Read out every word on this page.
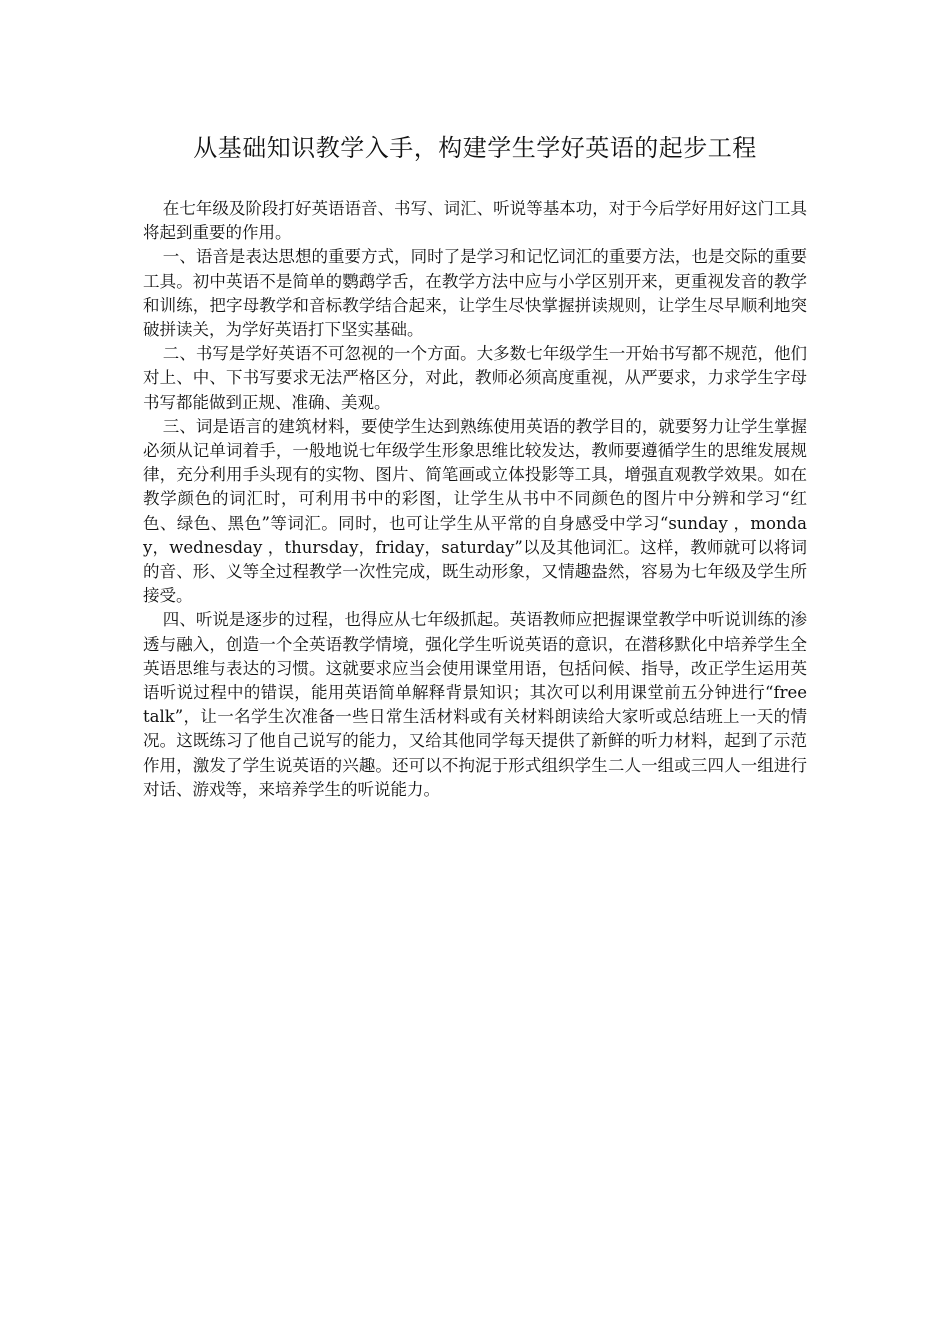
从基础知识教学入手，构建学生学好英语的起步工程

在七年级及阶段打好英语语音、书写、词汇、听说等基本功，对于今后学好用好这门工具将起到重要的作用。

一、语音是表达思想的重要方式，同时了是学习和记忆词汇的重要方法，也是交际的重要工具。初中英语不是简单的鹦鹉学舌，在教学方法中应与小学区别开来，更重视发音的教学和训练，把字母教学和音标教学结合起来，让学生尽快掌握拼读规则，让学生尽早顺利地突破拼读关，为学好英语打下坚实基础。

二、书写是学好英语不可忽视的一个方面。大多数七年级学生一开始书写都不规范，他们对上、中、下书写要求无法严格区分，对此，教师必须高度重视，从严要求，力求学生字母书写都能做到正规、准确、美观。

三、词是语言的建筑材料，要使学生达到熟练使用英语的教学目的，就要努力让学生掌握必须从记单词着手，一般地说七年级学生形象思维比较发达，教师要遵循学生的思维发展规律，充分利用手头现有的实物、图片、简笔画或立体投影等工具，增强直观教学效果。如在教学颜色的词汇时，可利用书中的彩图，让学生从书中不同颜色的图片中分辨和学习“红色、绿色、黑色”等词汇。同时，也可让学生从平常的自身感受中学习“sunday ，monday，wednesday ，thursday，friday，saturday”以及其他词汇。这样，教师就可以将词的音、形、义等全过程教学一次性完成，既生动形象，又情趣盎然，容易为七年级及学生所接受。

四、听说是逐步的过程，也得应从七年级抓起。英语教师应把握课堂教学中听说训练的渗透与融入，创造一个全英语教学情境，强化学生听说英语的意识，在潜移默化中培养学生全英语思维与表达的习惯。这就要求应当会使用课堂用语，包括问候、指导，改正学生运用英语听说过程中的错误，能用英语简单解释背景知识；其次可以利用课堂前五分钟进行“free talk”，让一名学生次准备一些日常生活材料或有关材料朗读给大家听或总结班上一天的情况。这既练习了他自己说写的能力，又给其他同学每天提供了新鲜的听力材料，起到了示范作用，激发了学生说英语的兴趣。还可以不拘泥于形式组织学生二人一组或三四人一组进行对话、游戏等，来培养学生的听说能力。
